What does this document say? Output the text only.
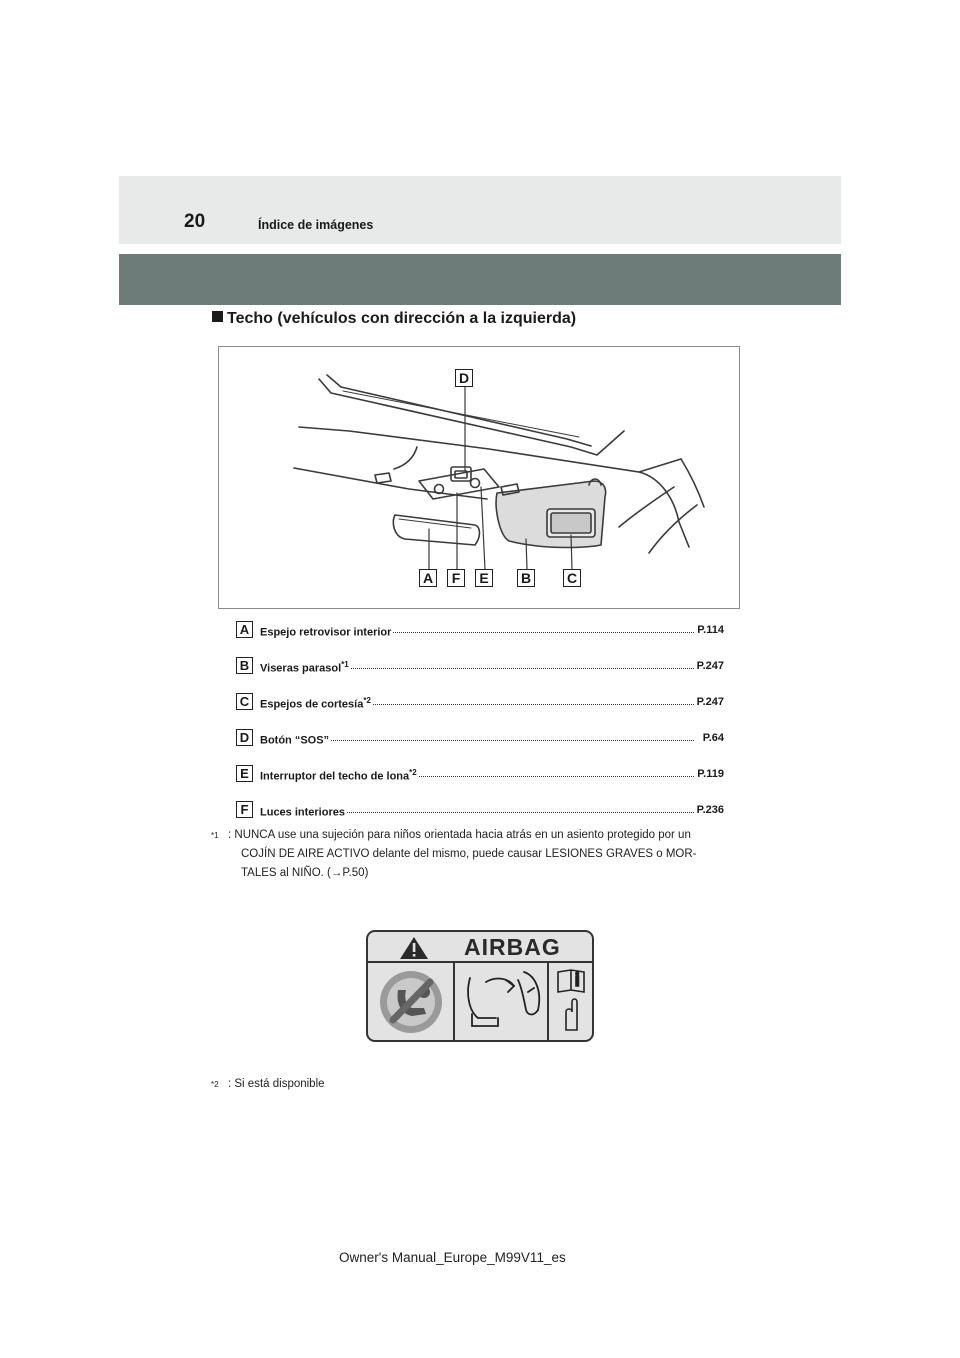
20	Índice de imágenes
Techo (vehículos con dirección a la izquierda)
D
A	F	E	B	C
A Espejo retrovisor interior	P.114
B Viseras parasol$^{*1}$	P.247
C Espejos de cortesía$^{*2}$	P.247
D Botón “SOS”	P.64
E	Interruptor del techo de lona$^{*2}$	P.119
F	Luces interiores	P.236
$^{*1}$ : NUNCA use una sujeción para niños orientada hacia atrás en un asiento protegido por un
COJÍN DE AIRE ACTIVO delante del mismo, puede causar LESIONES GRAVES o MOR-
TALES al NIÑO. (→P.50)
AIRBAG
$^{*2}$ : Si está disponible
Owner's Manual_Europe_M99V11_es
